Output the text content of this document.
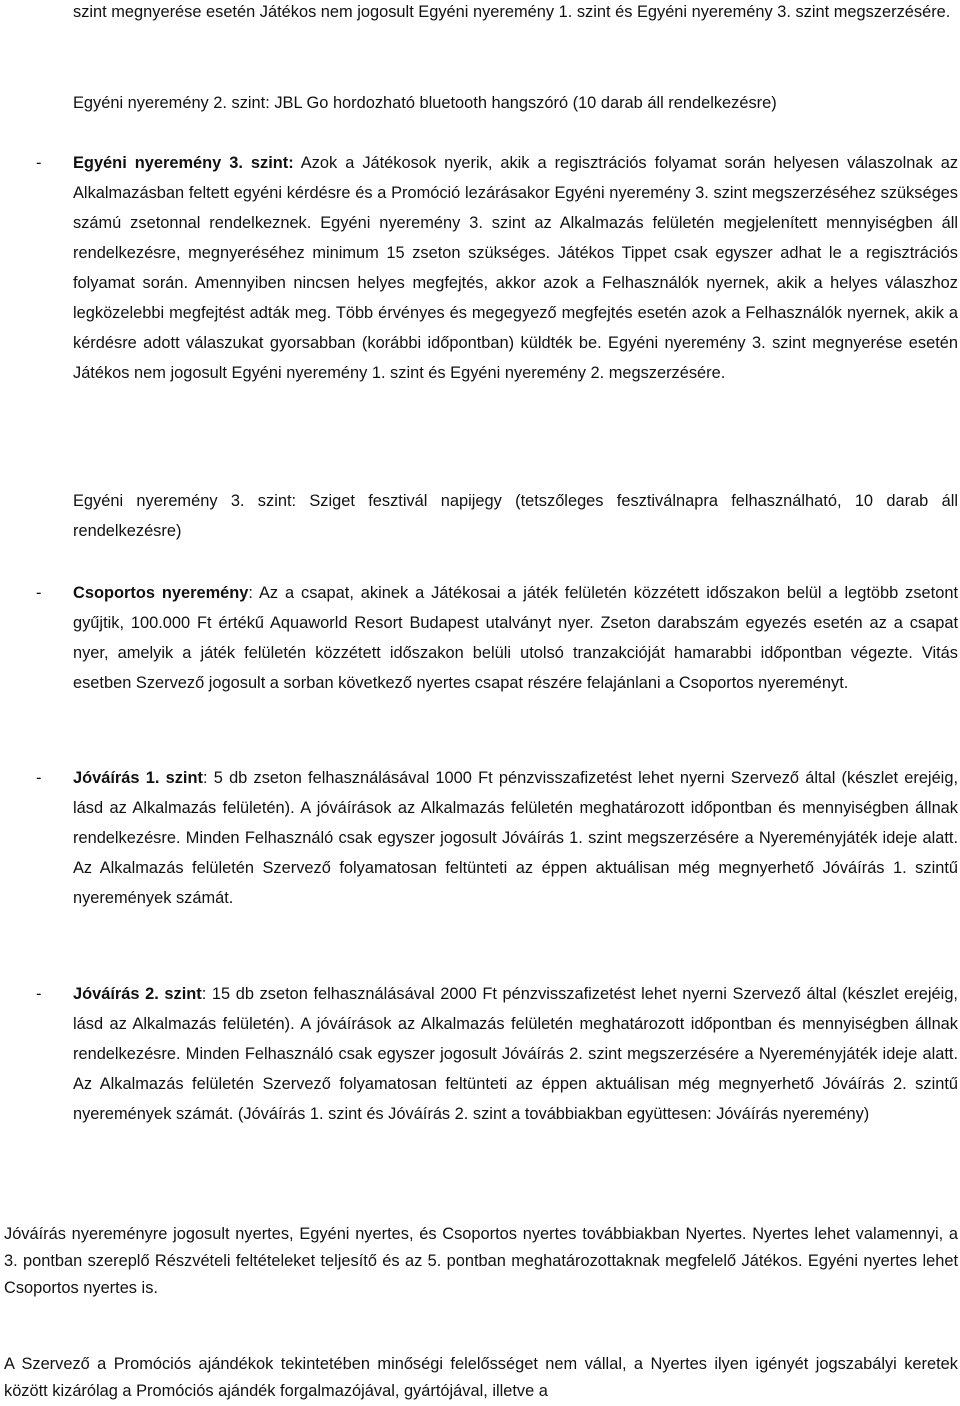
szint megnyerése esetén Játékos nem jogosult Egyéni nyeremény 1. szint és Egyéni nyeremény 3. szint megszerzésére.

Egyéni nyeremény 2. szint: JBL Go hordozható bluetooth hangszóró (10 darab áll rendelkezésre)

- Egyéni nyeremény 3. szint: Azok a Játékosok nyerik, akik a regisztrációs folyamat során helyesen válaszolnak az Alkalmazásban feltett egyéni kérdésre és a Promóció lezárásakor Egyéni nyeremény 3. szint megszerzéséhez szükséges számú zsetonnal rendelkeznek. Egyéni nyeremény 3. szint az Alkalmazás felületén megjelenített mennyiségben áll rendelkezésre, megnyeréséhez minimum 15 zseton szükséges. Játékos Tippet csak egyszer adhat le a regisztrációs folyamat során. Amennyiben nincsen helyes megfejtés, akkor azok a Felhasználók nyernek, akik a helyes válaszhoz legközelebbi megfejtést adták meg. Több érvényes és megegyező megfejtés esetén azok a Felhasználók nyernek, akik a kérdésre adott válaszukat gyorsabban (korábbi időpontban) küldték be. Egyéni nyeremény 3. szint megnyerése esetén Játékos nem jogosult Egyéni nyeremény 1. szint és Egyéni nyeremény 2. megszerzésére.

Egyéni nyeremény 3. szint: Sziget fesztivál napijegy (tetszőleges fesztiválnapra felhasználható, 10 darab áll rendelkezésre)

- Csoportos nyeremény: Az a csapat, akinek a Játékosai a játék felületén közzétett időszakon belül a legtöbb zsetont gyűjtik, 100.000 Ft értékű Aquaworld Resort Budapest utalványt nyer. Zseton darabszám egyezés esetén az a csapat nyer, amelyik a játék felületén közzétett időszakon belüli utolsó tranzakcióját hamarabbi időpontban végezte. Vitás esetben Szervező jogosult a sorban következő nyertes csapat részére felajánlani a Csoportos nyereményt.

- Jóváírás 1. szint: 5 db zseton felhasználásával 1000 Ft pénzvisszafizetést lehet nyerni Szervező által (készlet erejéig, lásd az Alkalmazás felületén). A jóváírások az Alkalmazás felületén meghatározott időpontban és mennyiségben állnak rendelkezésre. Minden Felhasználó csak egyszer jogosult Jóváírás 1. szint megszerzésére a Nyereményjáték ideje alatt. Az Alkalmazás felületén Szervező folyamatosan feltünteti az éppen aktuálisan még megnyerhető Jóváírás 1. szintű nyeremények számát.

- Jóváírás 2. szint: 15 db zseton felhasználásával 2000 Ft pénzvisszafizetést lehet nyerni Szervező által (készlet erejéig, lásd az Alkalmazás felületén). A jóváírások az Alkalmazás felületén meghatározott időpontban és mennyiségben állnak rendelkezésre. Minden Felhasználó csak egyszer jogosult Jóváírás 2. szint megszerzésére a Nyereményjáték ideje alatt. Az Alkalmazás felületén Szervező folyamatosan feltünteti az éppen aktuálisan még megnyerhető Jóváírás 2. szintű nyeremények számát. (Jóváírás 1. szint és Jóváírás 2. szint a továbbiakban együttesen: Jóváírás nyeremény)

Jóváírás nyereményre jogosult nyertes, Egyéni nyertes, és Csoportos nyertes továbbiakban Nyertes. Nyertes lehet valamennyi, a 3. pontban szereplő Részvételi feltételeket teljesítő és az 5. pontban meghatározottaknak megfelelő Játékos. Egyéni nyertes lehet Csoportos nyertes is.

A Szervező a Promóciós ajándékok tekintetében minőségi felelősséget nem vállal, a Nyertes ilyen igényét jogszabályi keretek között kizárólag a Promóciós ajándék forgalmazójával, gyártójával, illetve a
